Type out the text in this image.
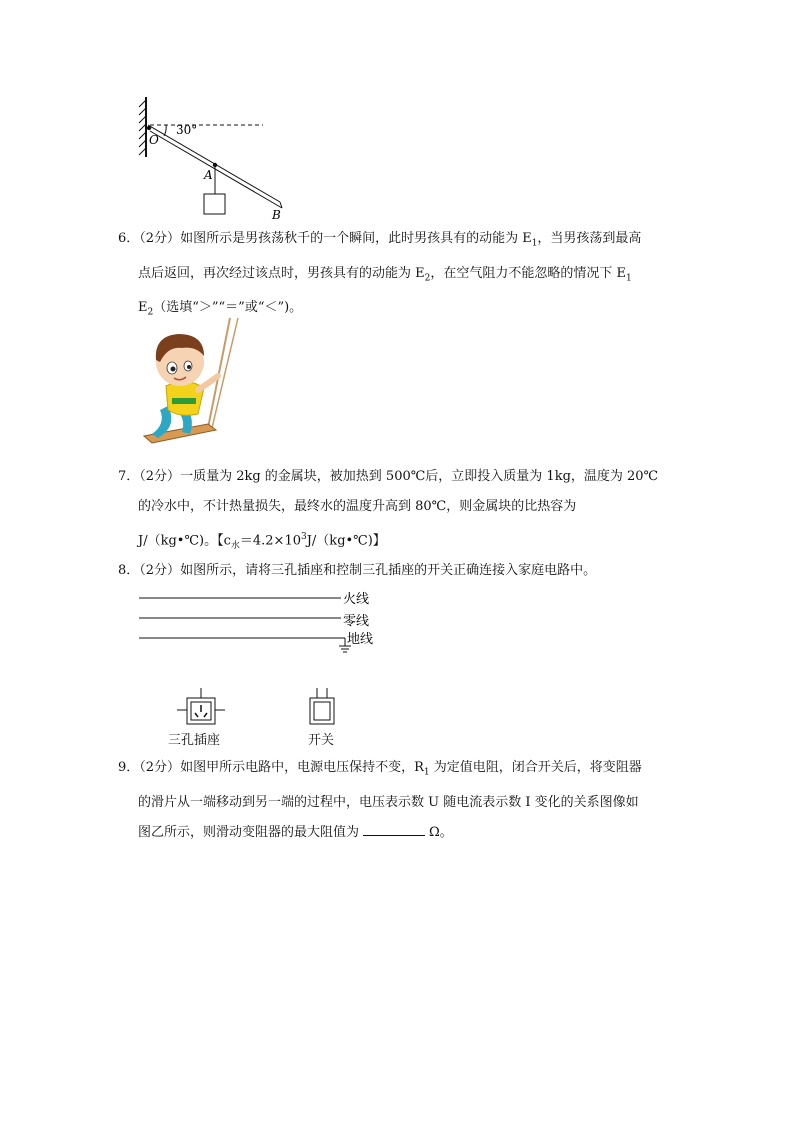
30°
O
A
B
6．（2分）如图所示是男孩荡秋千的一个瞬间，此时男孩具有的动能为 $E_1$，当男孩荡到最高
点后返回，再次经过该点时，男孩具有的动能为 $E_2$，在空气阻力不能忽略的情况下 $E_1$
$E_2$（选填“＞”“＝”或“＜”)。
7．（2分）一质量为 2kg 的金属块，被加热到 500℃后，立即投入质量为 1kg，温度为 20℃
的冷水中，不计热量损失，最终水的温度升高到 80℃，则金属块的比热容为
J/（kg•℃)。【$c_水=4.2\times 10^3J/(kg•℃)$】
8．（2分）如图所示，请将三孔插座和控制三孔插座的开关正确连接入家庭电路中。
火线
零线
地线
三孔插座	开关
9．（2分）如图甲所示电路中，电源电压保持不变，$R_1$ 为定值电阻，闭合开关后，将变阻器
的滑片从一端移动到另一端的过程中，电压表示数 U 随电流表示数 I 变化的关系图像如
图乙所示，则滑动变阻器的最大阻值为	Ω。
